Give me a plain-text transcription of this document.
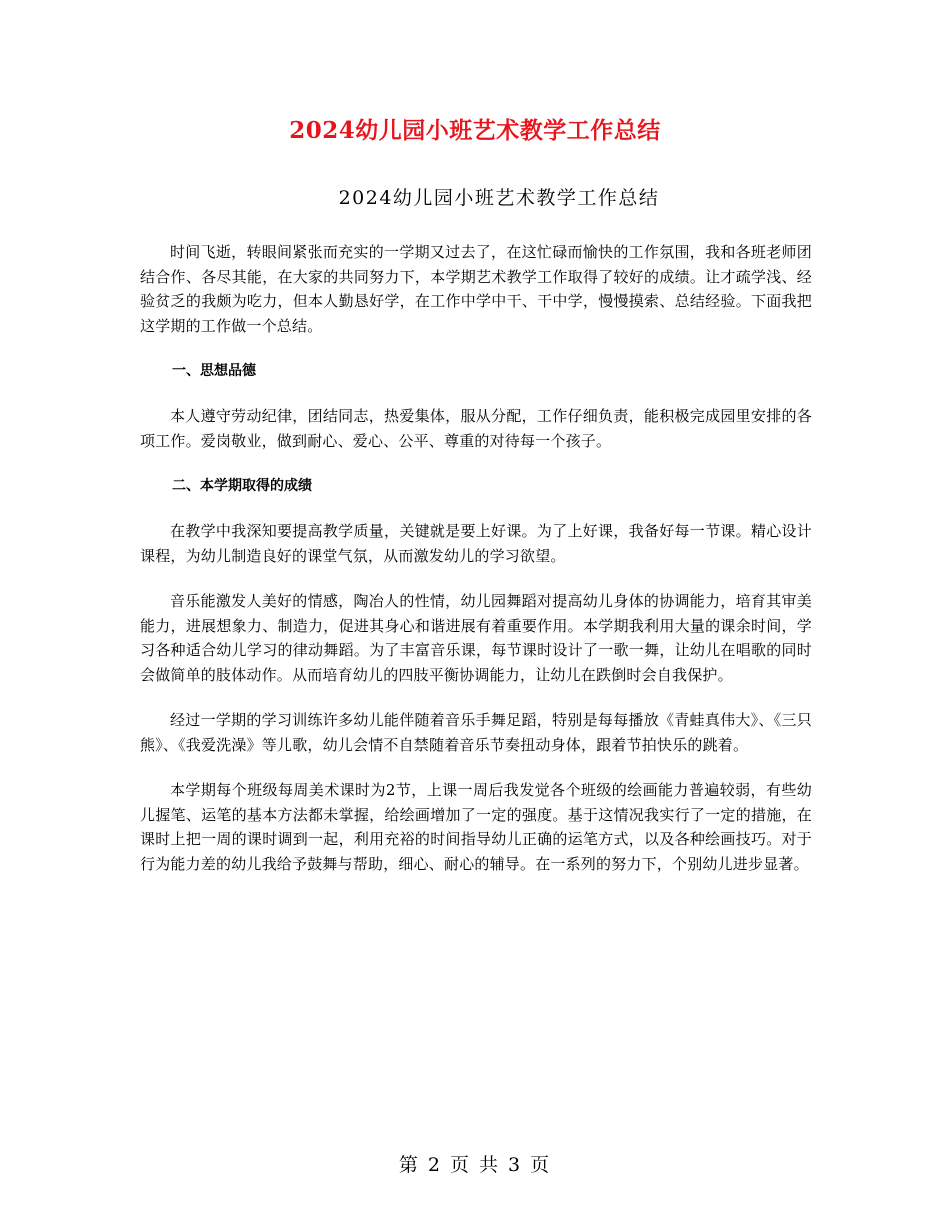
2024幼儿园小班艺术教学工作总结
2024幼儿园小班艺术教学工作总结

时间飞逝，转眼间紧张而充实的一学期又过去了，在这忙碌而愉快的工作氛围，我和各班老师团结合作、各尽其能，在大家的共同努力下，本学期艺术教学工作取得了较好的成绩。让才疏学浅、经验贫乏的我颇为吃力，但本人勤恳好学，在工作中学中干、干中学，慢慢摸索、总结经验。下面我把这学期的工作做一个总结。

一、思想品德

本人遵守劳动纪律，团结同志，热爱集体，服从分配，工作仔细负责，能积极完成园里安排的各项工作。爱岗敬业，做到耐心、爱心、公平、尊重的对待每一个孩子。

二、本学期取得的成绩

在教学中我深知要提高教学质量，关键就是要上好课。为了上好课，我备好每一节课。精心设计课程，为幼儿制造良好的课堂气氛，从而激发幼儿的学习欲望。

音乐能激发人美好的情感，陶冶人的性情，幼儿园舞蹈对提高幼儿身体的协调能力，培育其审美能力，进展想象力、制造力，促进其身心和谐进展有着重要作用。本学期我利用大量的课余时间，学习各种适合幼儿学习的律动舞蹈。为了丰富音乐课，每节课时设计了一歌一舞，让幼儿在唱歌的同时会做简单的肢体动作。从而培育幼儿的四肢平衡协调能力，让幼儿在跌倒时会自我保护。

经过一学期的学习训练许多幼儿能伴随着音乐手舞足蹈，特别是每每播放《青蛙真伟大》、《三只熊》、《我爱洗澡》等儿歌，幼儿会情不自禁随着音乐节奏扭动身体，跟着节拍快乐的跳着。

本学期每个班级每周美术课时为2节，上课一周后我发觉各个班级的绘画能力普遍较弱，有些幼儿握笔、运笔的基本方法都未掌握，给绘画增加了一定的强度。基于这情况我实行了一定的措施，在课时上把一周的课时调到一起，利用充裕的时间指导幼儿正确的运笔方式，以及各种绘画技巧。对于行为能力差的幼儿我给予鼓舞与帮助，细心、耐心的辅导。在一系列的努力下，个别幼儿进步显著。

第 2 页 共 3 页
